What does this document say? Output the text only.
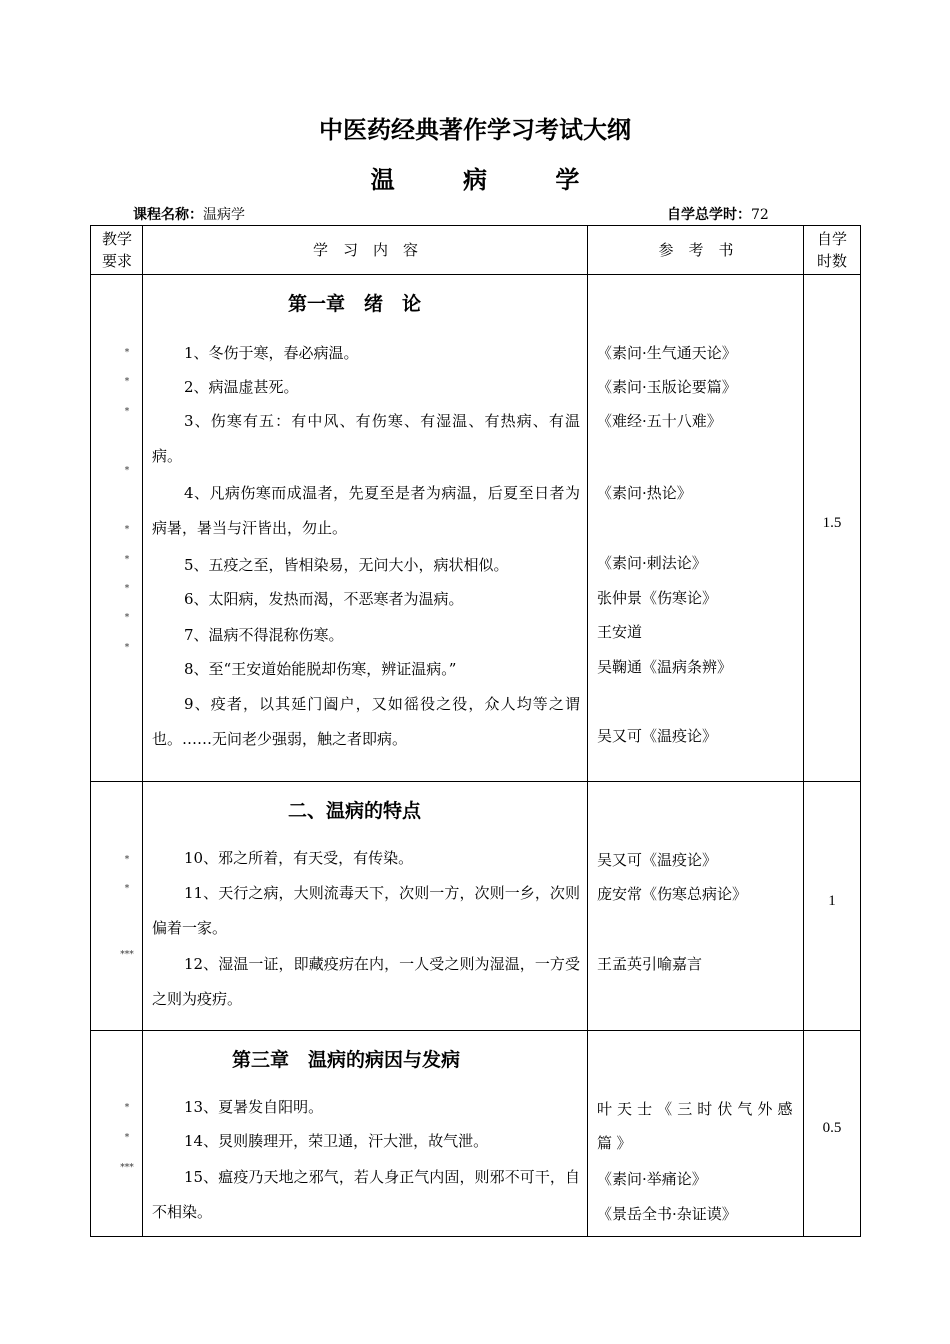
中医药经典著作学习考试大纲
温 病 学
课程名称：温病学	自学总学时：72
教学
要求
学　习　内　容	参　考　书
自学
时数
第一章　绪　论
1、冬伤于寒，春必病温。
2、病温虚甚死。
3、伤寒有五：有中风、有伤寒、有湿温、有热病、有温病。
4、凡病伤寒而成温者，先夏至是者为病温，后夏至日者为病暑，暑当与汗皆出，勿止。
5、五疫之至，皆相染易，无问大小，病状相似。
6、太阳病，发热而渴，不恶寒者为温病。
7、温病不得混称伤寒。
8、至“王安道始能脱却伤寒，辨证温病。”
9、疫者，以其延门阖户，又如徭役之役，众人均等之谓也。……无问老少强弱，触之者即病。
《素问·生气通天论》
《素问·玉版论要篇》
《难经·五十八难》
《素问·热论》
《素问·刺法论》
张仲景《伤寒论》
王安道
吴鞠通《温病条辨》
吴又可《温疫论》
*
*
*
*
*
*
*
*
*
1.5
二、温病的特点
10、邪之所着，有天受，有传染。
11、天行之病，大则流毒天下，次则一方，次则一乡，次则偏着一家。
12、湿温一证，即藏疫疠在内，一人受之则为湿温，一方受之则为疫疠。
吴又可《温疫论》
庞安常《伤寒总病论》
王孟英引喻嘉言
*
*
***
1
第三章　温病的病因与发病
13、夏暑发自阳明。
14、炅则腠理开，荣卫通，汗大泄，故气泄。
15、瘟疫乃天地之邪气，若人身正气内固，则邪不可干，自不相染。
叶天士《三时伏气外感篇》
《素问·举痛论》
《景岳全书·杂证谟》
*
*
***
0.5
